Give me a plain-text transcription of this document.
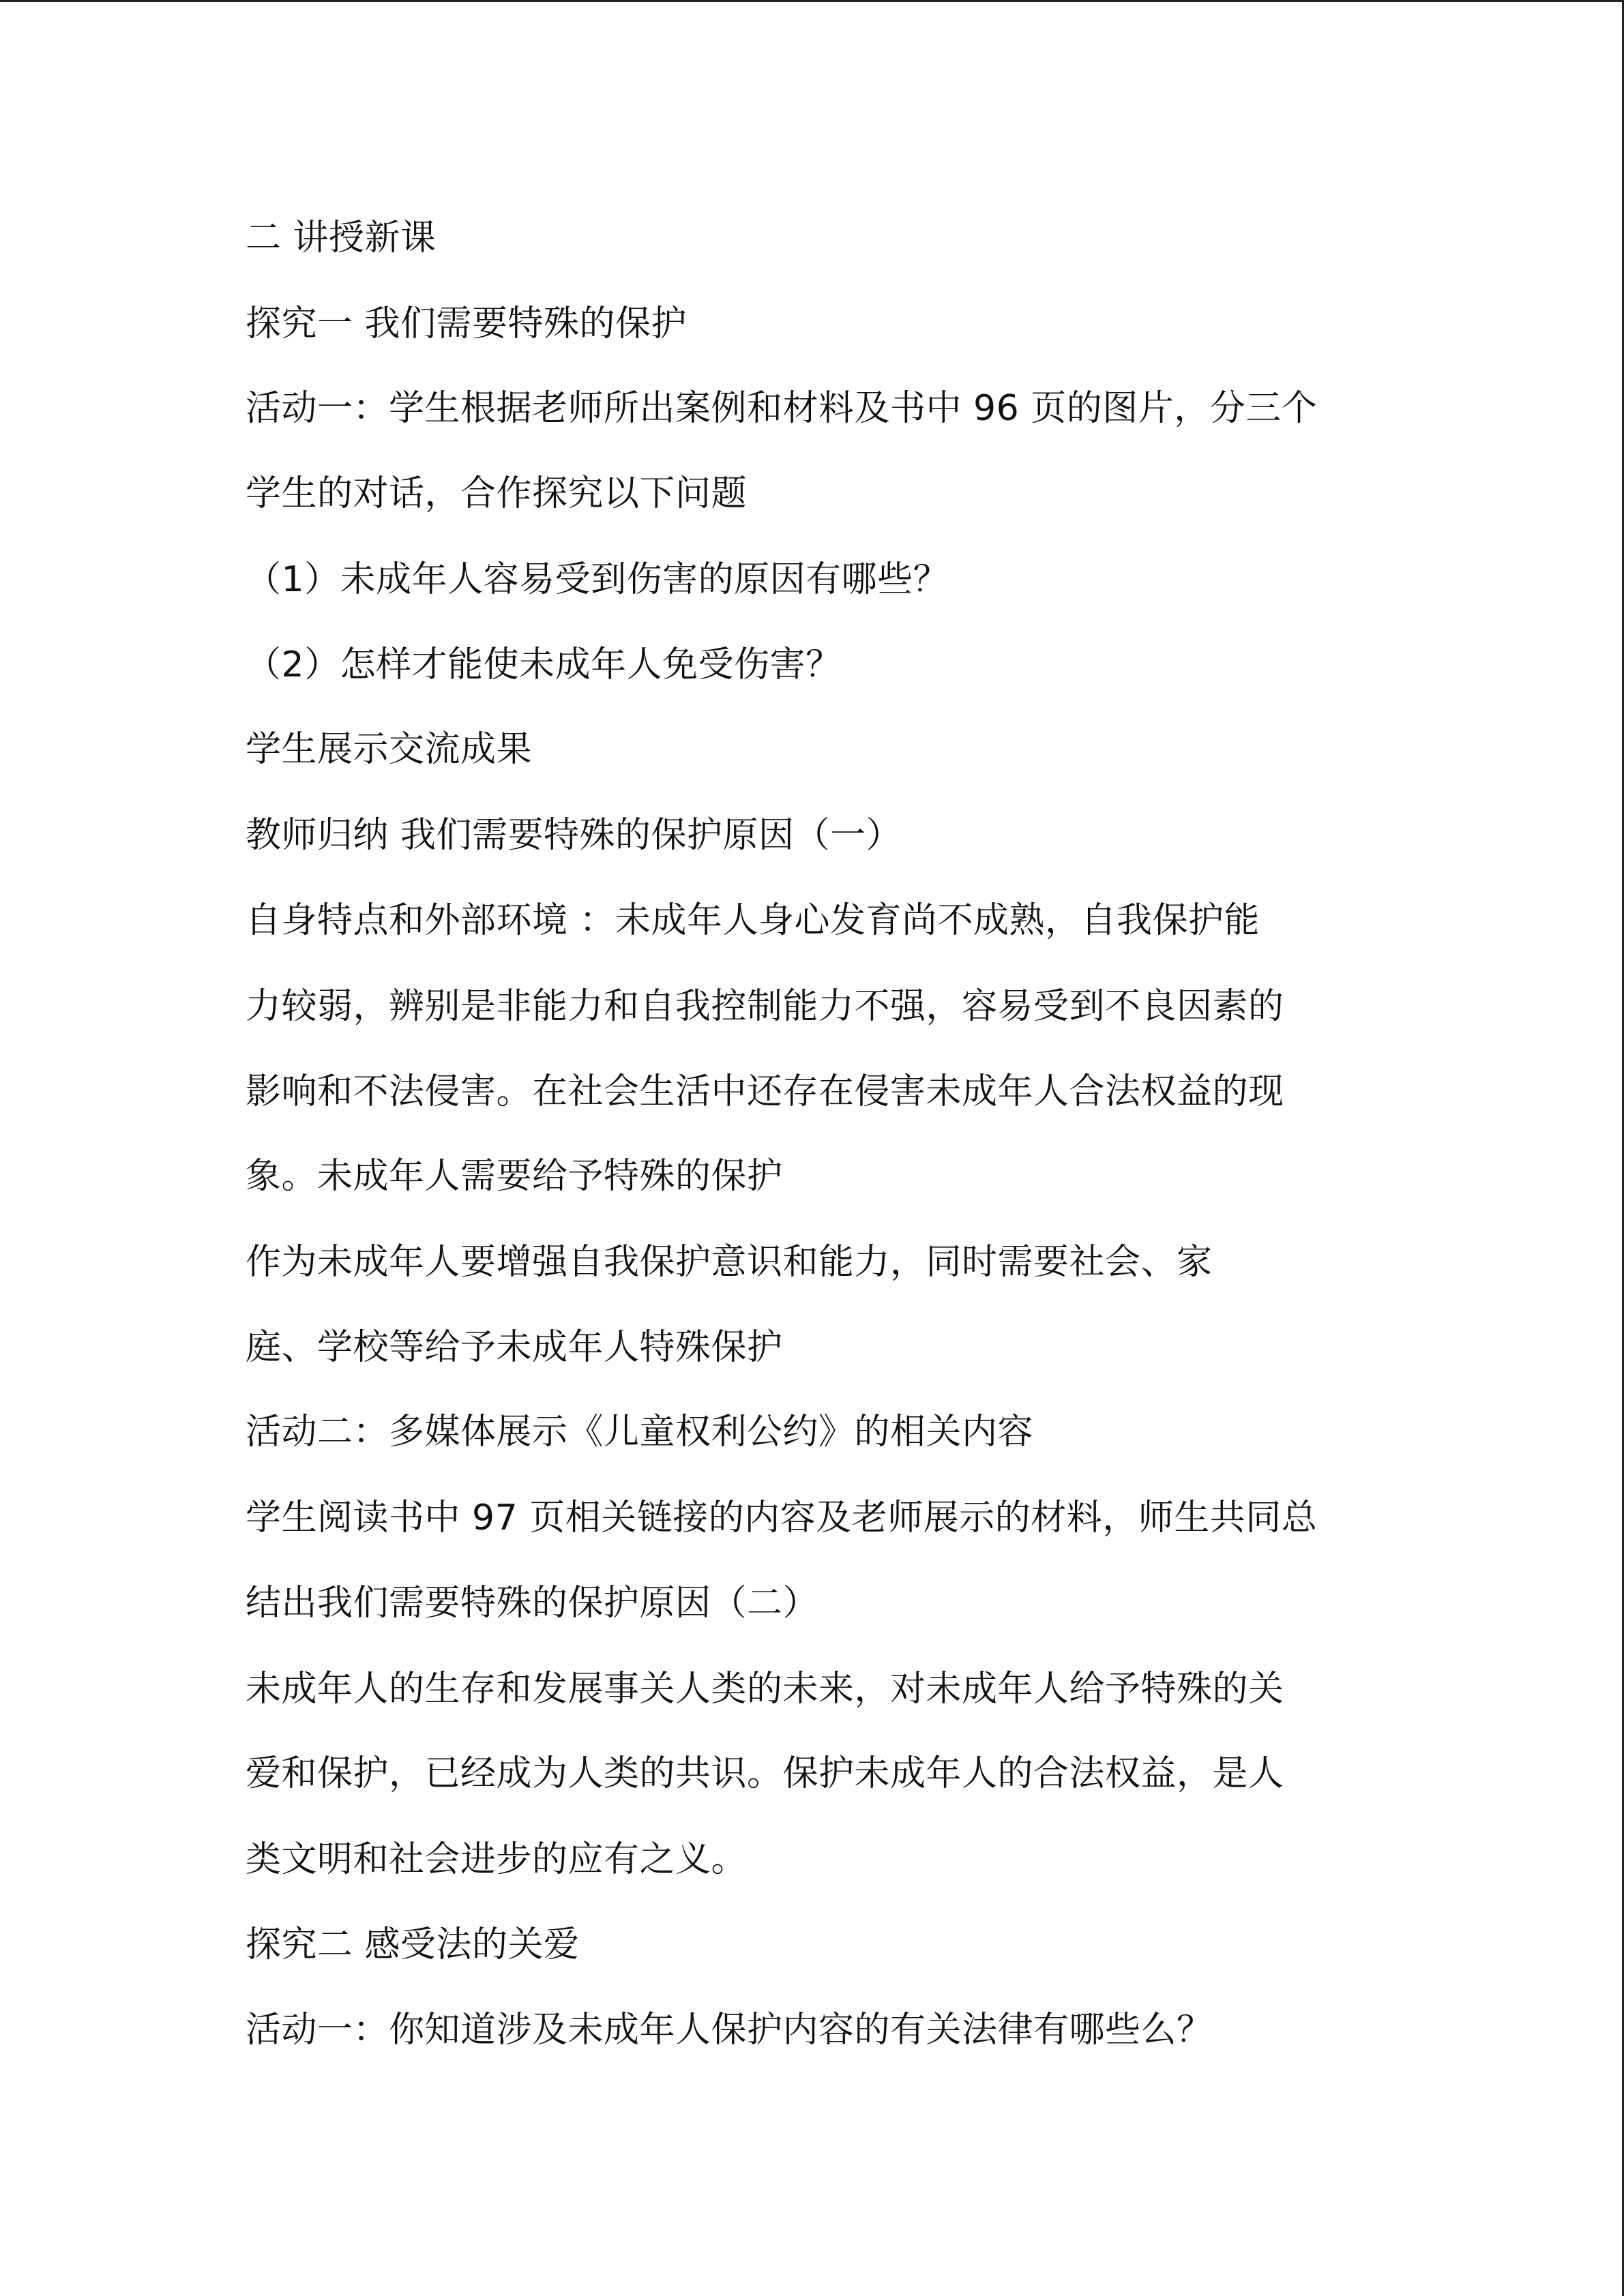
二 讲授新课
探究一 我们需要特殊的保护
活动一：学生根据老师所出案例和材料及书中 96 页的图片，分三个
学生的对话，合作探究以下问题
（1）未成年人容易受到伤害的原因有哪些？
（2）怎样才能使未成年人免受伤害？
学生展示交流成果
教师归纳 我们需要特殊的保护原因（一）
自身特点和外部环境 ：未成年人身心发育尚不成熟，自我保护能
力较弱，辨别是非能力和自我控制能力不强，容易受到不良因素的
影响和不法侵害。在社会生活中还存在侵害未成年人合法权益的现
象。未成年人需要给予特殊的保护
作为未成年人要增强自我保护意识和能力，同时需要社会、家
庭、学校等给予未成年人特殊保护
活动二：多媒体展示《儿童权利公约》的相关内容
学生阅读书中 97 页相关链接的内容及老师展示的材料，师生共同总
结出我们需要特殊的保护原因（二）
未成年人的生存和发展事关人类的未来，对未成年人给予特殊的关
爱和保护，已经成为人类的共识。保护未成年人的合法权益，是人
类文明和社会进步的应有之义。
探究二 感受法的关爱
活动一：你知道涉及未成年人保护内容的有关法律有哪些么？
